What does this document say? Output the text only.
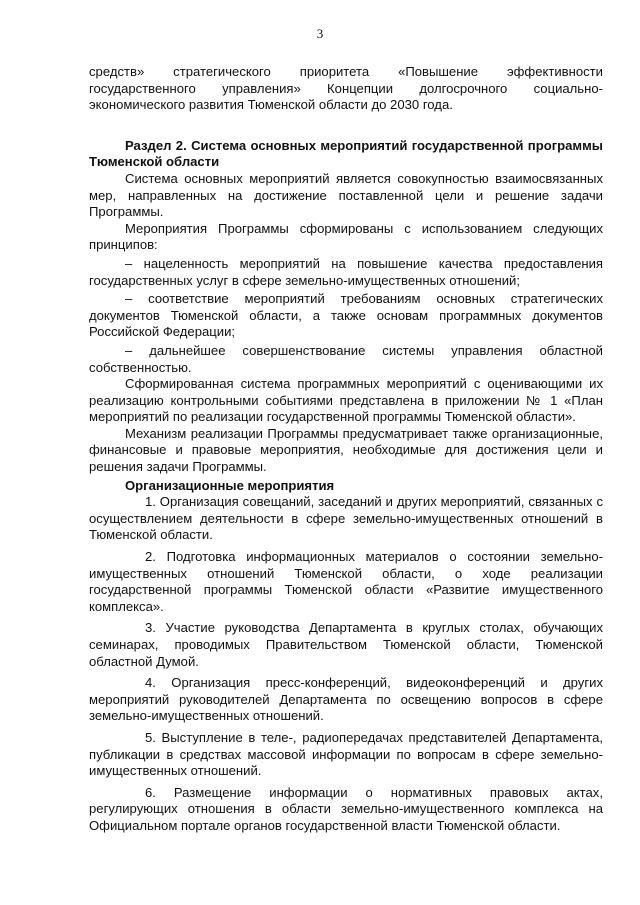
3

средств» стратегического приоритета «Повышение эффективности государственного управления» Концепции долгосрочного социально-экономического развития Тюменской области до 2030 года.

Раздел 2. Система основных мероприятий государственной программы Тюменской области

Система основных мероприятий является совокупностью взаимосвязанных мер, направленных на достижение поставленной цели и решение задачи Программы.

Мероприятия Программы сформированы с использованием следующих принципов:

– нацеленность мероприятий на повышение качества предоставления государственных услуг в сфере земельно-имущественных отношений;

– соответствие мероприятий требованиям основных стратегических документов Тюменской области, а также основам программных документов Российской Федерации;

– дальнейшее совершенствование системы управления областной собственностью.

Сформированная система программных мероприятий с оценивающими их реализацию контрольными событиями представлена в приложении № 1 «План мероприятий по реализации государственной программы Тюменской области».

Механизм реализации Программы предусматривает также организационные, финансовые и правовые мероприятия, необходимые для достижения цели и решения задачи Программы.

Организационные мероприятия

1. Организация совещаний, заседаний и других мероприятий, связанных с осуществлением деятельности в сфере земельно-имущественных отношений в Тюменской области.

2. Подготовка информационных материалов о состоянии земельно-имущественных отношений Тюменской области, о ходе реализации государственной программы Тюменской области «Развитие имущественного комплекса».

3. Участие руководства Департамента в круглых столах, обучающих семинарах, проводимых Правительством Тюменской области, Тюменской областной Думой.

4. Организация пресс-конференций, видеоконференций и других мероприятий руководителей Департамента по освещению вопросов в сфере земельно-имущественных отношений.

5. Выступление в теле-, радиопередачах представителей Департамента, публикации в средствах массовой информации по вопросам в сфере земельно-имущественных отношений.

6. Размещение информации о нормативных правовых актах, регулирующих отношения в области земельно-имущественного комплекса на Официальном портале органов государственной власти Тюменской области.
